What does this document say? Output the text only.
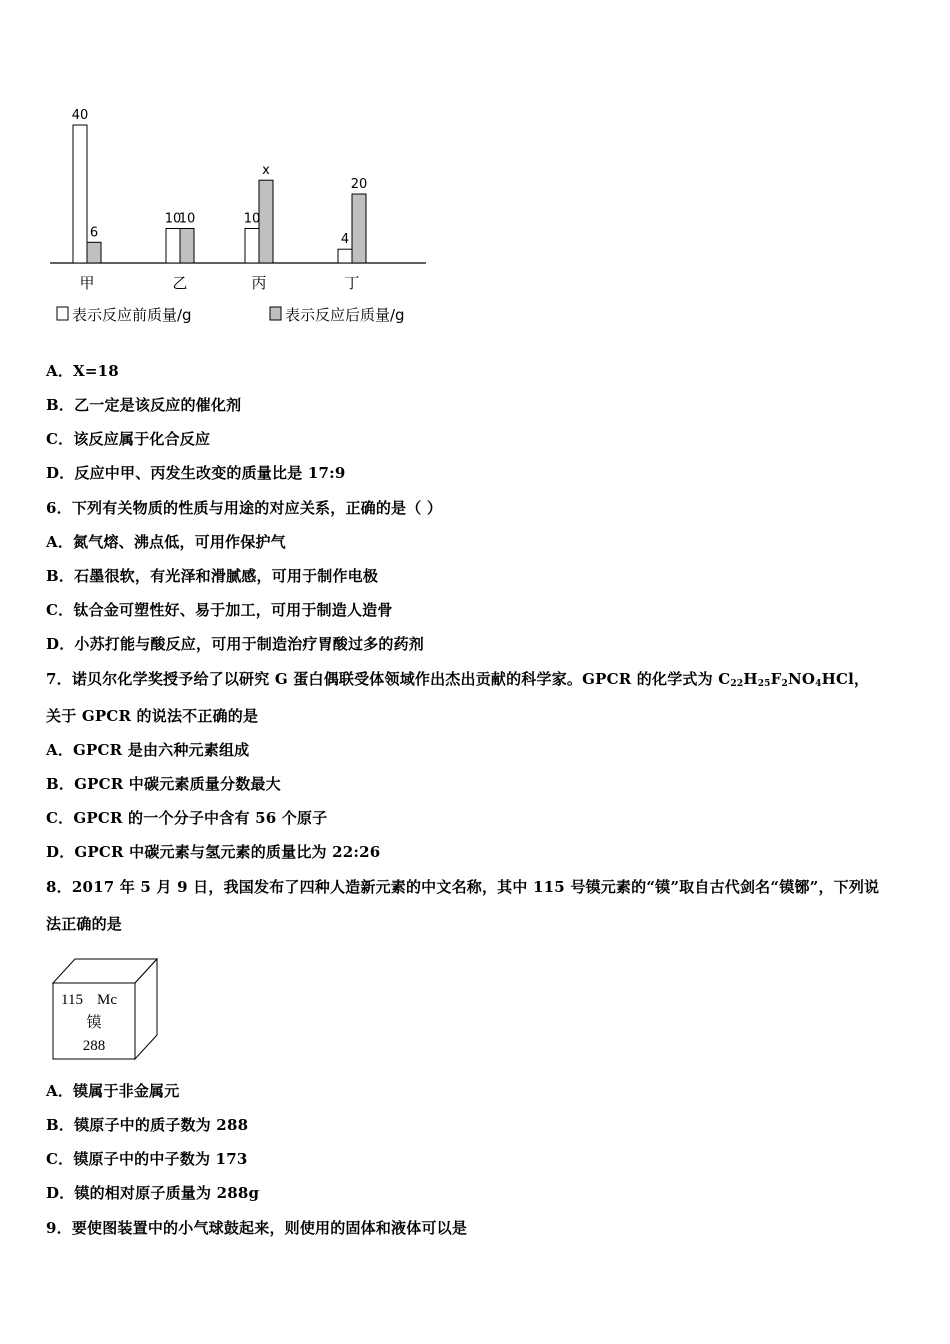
40
6
10
10	10
x
4
20
甲	乙	丙	丁
表示反应前质量/g	表示反应后质量/g
A．X=18
B．乙一定是该反应的催化剂
C．该反应属于化合反应
D．反应中甲、丙发生改变的质量比是 17:9
6．下列有关物质的性质与用途的对应关系，正确的是（ ）
A．氮气熔、沸点低，可用作保护气
B．石墨很软，有光泽和滑腻感，可用于制作电极
C．钛合金可塑性好、易于加工，可用于制造人造骨
D．小苏打能与酸反应，可用于制造治疗胃酸过多的药剂
7．诺贝尔化学奖授予给了以研究 G 蛋白偶联受体领域作出杰出贡献的科学家。GPCR 的化学式为 $C_{22}H_{25}F_2NO_4HCl$，
关于 GPCR 的说法不正确的是
A．GPCR 是由六种元素组成
B．GPCR 中碳元素质量分数最大
C．GPCR 的一个分子中含有 56 个原子
D．GPCR 中碳元素与氢元素的质量比为 22:26
8．2017 年 5 月 9 日，我国发布了四种人造新元素的中文名称，其中 115 号镆元素的“镆”取自古代剑名“镆铘”，下列说
法正确的是
115 Mc
镆
288
A．镆属于非金属元
B．镆原子中的质子数为 288
C．镆原子中的中子数为 173
D．镆的相对原子质量为 288g
9．要使图装置中的小气球鼓起来，则使用的固体和液体可以是
